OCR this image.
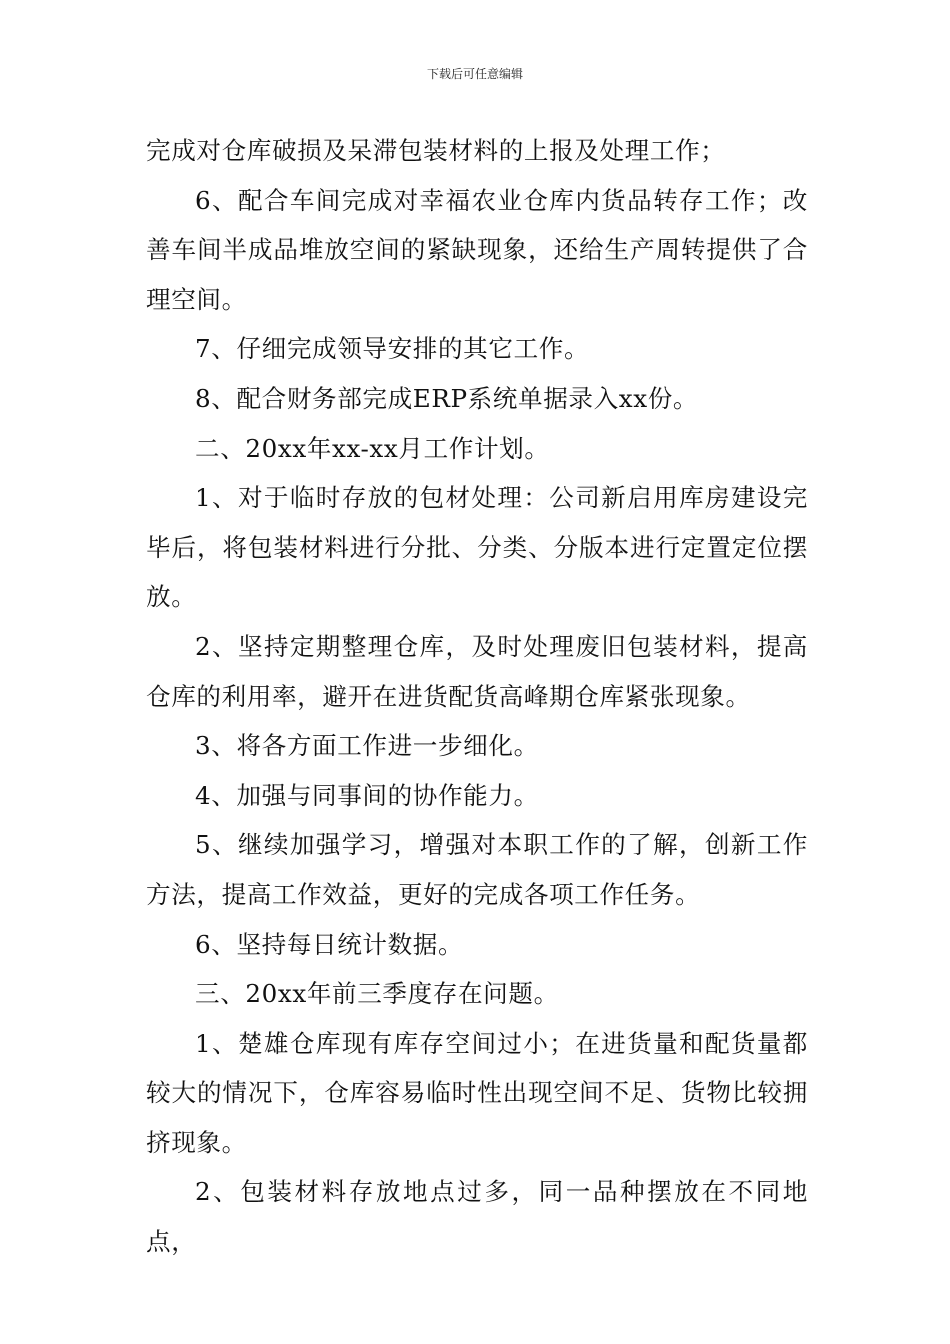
下载后可任意编辑

完成对仓库破损及呆滞包装材料的上报及处理工作；

6、配合车间完成对幸福农业仓库内货品转存工作；改善车间半成品堆放空间的紧缺现象，还给生产周转提供了合理空间。

7、仔细完成领导安排的其它工作。

8、配合财务部完成ERP系统单据录入xx份。

二、20xx年xx-xx月工作计划。

1、对于临时存放的包材处理：公司新启用库房建设完毕后，将包装材料进行分批、分类、分版本进行定置定位摆放。

2、坚持定期整理仓库，及时处理废旧包装材料，提高仓库的利用率，避开在进货配货高峰期仓库紧张现象。

3、将各方面工作进一步细化。

4、加强与同事间的协作能力。

5、继续加强学习，增强对本职工作的了解，创新工作方法，提高工作效益，更好的完成各项工作任务。

6、坚持每日统计数据。

三、20xx年前三季度存在问题。

1、楚雄仓库现有库存空间过小；在进货量和配货量都较大的情况下，仓库容易临时性出现空间不足、货物比较拥挤现象。

2、包装材料存放地点过多，同一品种摆放在不同地点，
